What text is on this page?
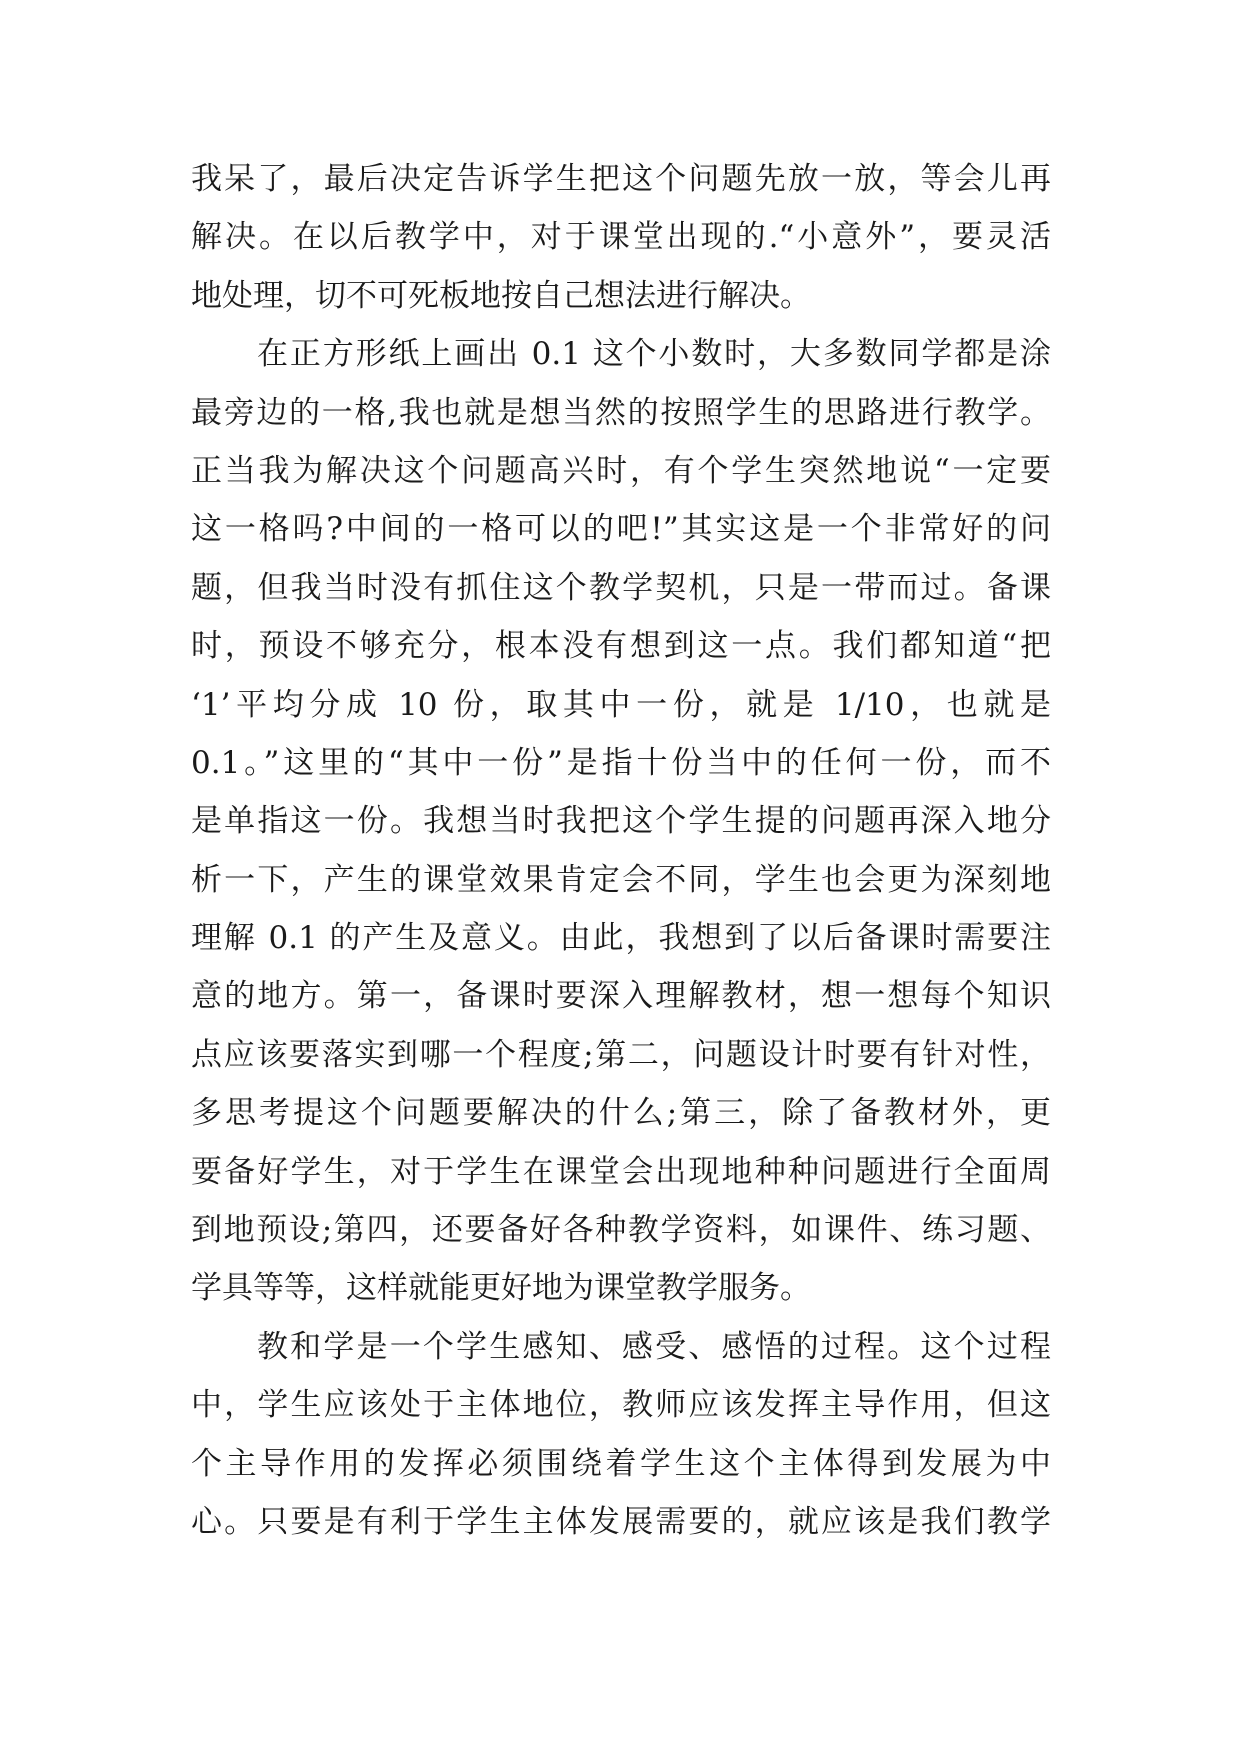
我呆了，最后决定告诉学生把这个问题先放一放，等会儿再
解决。在以后教学中，对于课堂出现的.“小意外”，要灵活
地处理，切不可死板地按自己想法进行解决。
在正方形纸上画出 0.1 这个小数时，大多数同学都是涂
最旁边的一格,我也就是想当然的按照学生的思路进行教学。
正当我为解决这个问题高兴时，有个学生突然地说“一定要
这一格吗?中间的一格可以的吧!”其实这是一个非常好的问
题，但我当时没有抓住这个教学契机，只是一带而过。备课
时，预设不够充分，根本没有想到这一点。我们都知道“把
‘1’平均分成 10 份，取其中一份，就是 1/10，也就是
0.1。”这里的“其中一份”是指十份当中的任何一份，而不
是单指这一份。我想当时我把这个学生提的问题再深入地分
析一下，产生的课堂效果肯定会不同，学生也会更为深刻地
理解 0.1 的产生及意义。由此，我想到了以后备课时需要注
意的地方。第一，备课时要深入理解教材，想一想每个知识
点应该要落实到哪一个程度;第二，问题设计时要有针对性，
多思考提这个问题要解决的什么;第三，除了备教材外，更
要备好学生，对于学生在课堂会出现地种种问题进行全面周
到地预设;第四，还要备好各种教学资料，如课件、练习题、
学具等等，这样就能更好地为课堂教学服务。
教和学是一个学生感知、感受、感悟的过程。这个过程
中，学生应该处于主体地位，教师应该发挥主导作用，但这
个主导作用的发挥必须围绕着学生这个主体得到发展为中
心。只要是有利于学生主体发展需要的，就应该是我们教学
